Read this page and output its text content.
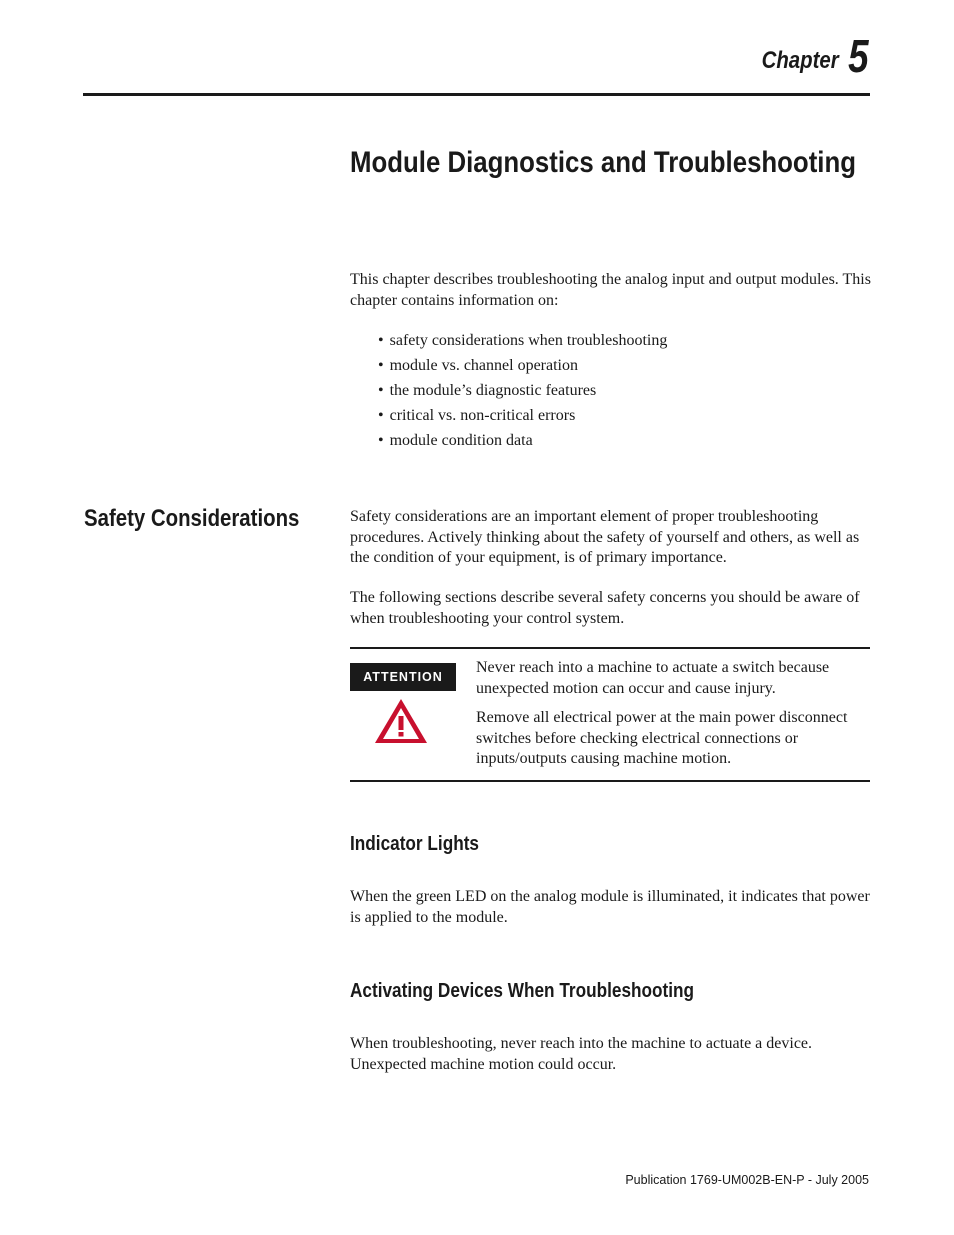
Chapter 5
Module Diagnostics and Troubleshooting
This chapter describes troubleshooting the analog input and output modules. This chapter contains information on:
• safety considerations when troubleshooting
• module vs. channel operation
• the module’s diagnostic features
• critical vs. non-critical errors
• module condition data
Safety Considerations	Safety considerations are an important element of proper troubleshooting procedures. Actively thinking about the safety of yourself and others, as well as the condition of your equipment, is of primary importance.
The following sections describe several safety concerns you should be aware of when troubleshooting your control system.
ATTENTION
Never reach into a machine to actuate a switch because unexpected motion can occur and cause injury.
Remove all electrical power at the main power disconnect switches before checking electrical connections or inputs/outputs causing machine motion.
Indicator Lights
When the green LED on the analog module is illuminated, it indicates that power is applied to the module.
Activating Devices When Troubleshooting
When troubleshooting, never reach into the machine to actuate a device. Unexpected machine motion could occur.
Publication 1769-UM002B-EN-P - July 2005
